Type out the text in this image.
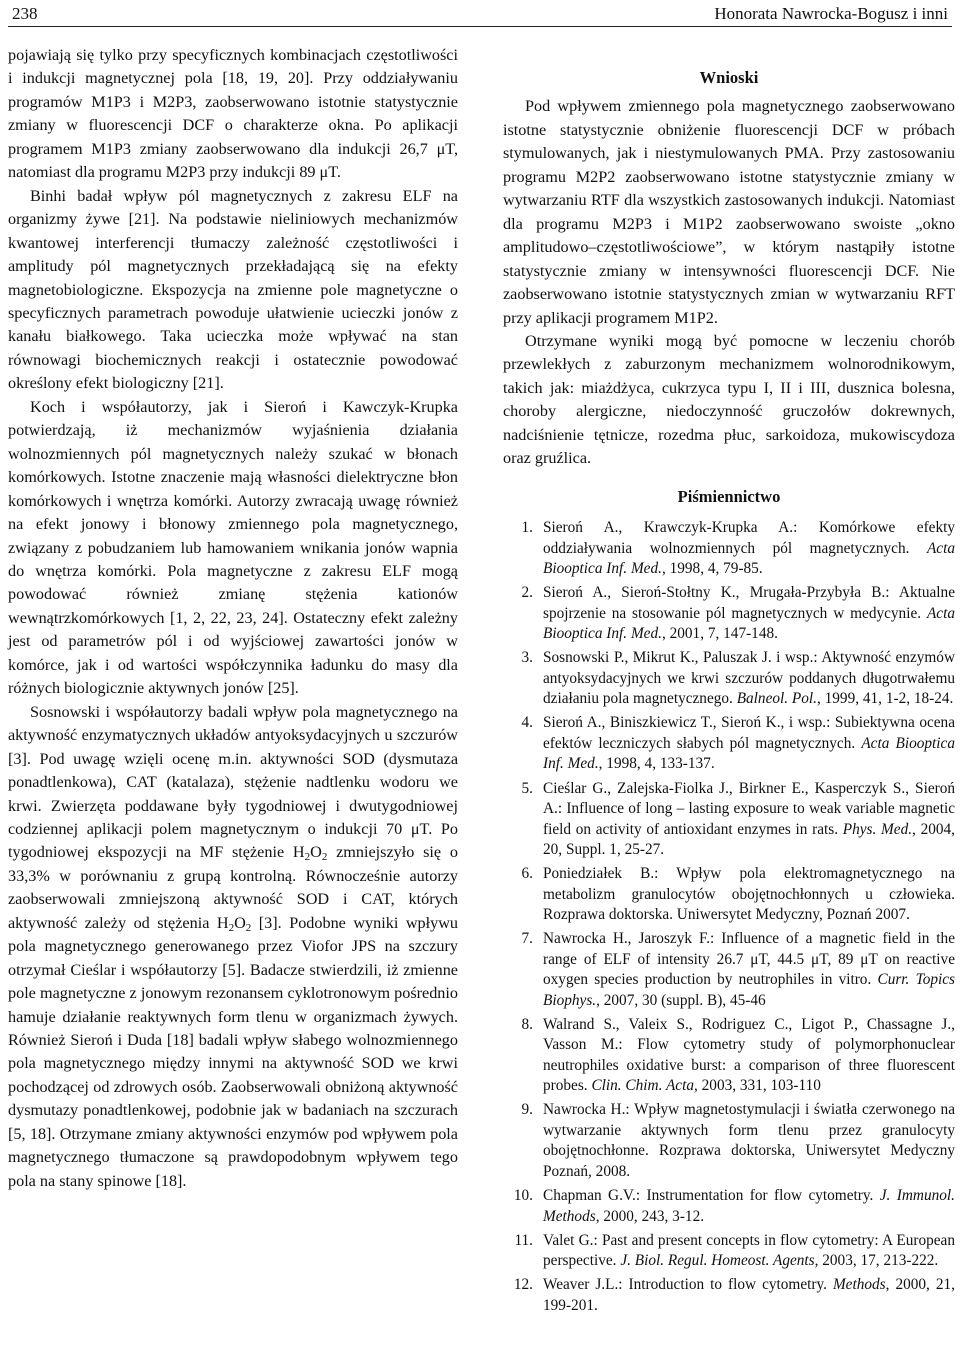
238	Honorata Nawrocka-Bogusz i inni

pojawiają się tylko przy specyficznych kombinacjach częstotliwości i indukcji magnetycznej pola [18, 19, 20]. Przy oddziaływaniu programów M1P3 i M2P3, zaobserwowano istotnie statystycznie zmiany w fluorescencji DCF o charakterze okna. Po aplikacji programem M1P3 zmiany zaobserwowano dla indukcji 26,7 μT, natomiast dla programu M2P3 przy indukcji 89 μT.

Binhi badał wpływ pól magnetycznych z zakresu ELF na organizmy żywe [21]. Na podstawie nieliniowych mechanizmów kwantowej interferencji tłumaczy zależność częstotliwości i amplitudy pól magnetycznych przekładającą się na efekty magnetobiologiczne. Ekspozycja na zmienne pole magnetyczne o specyficznych parametrach powoduje ułatwienie ucieczki jonów z kanału białkowego. Taka ucieczka może wpływać na stan równowagi biochemicznych reakcji i ostatecznie powodować określony efekt biologiczny [21].

Koch i współautorzy, jak i Sieroń i Kawczyk-Krupka potwierdzają, iż mechanizmów wyjaśnienia działania wolnozmiennych pól magnetycznych należy szukać w błonach komórkowych. Istotne znaczenie mają własności dielektryczne błon komórkowych i wnętrza komórki. Autorzy zwracają uwagę również na efekt jonowy i błonowy zmiennego pola magnetycznego, związany z pobudzaniem lub hamowaniem wnikania jonów wapnia do wnętrza komórki. Pola magnetyczne z zakresu ELF mogą powodować również zmianę stężenia kationów wewnątrzkomórkowych [1, 2, 22, 23, 24]. Ostateczny efekt zależny jest od parametrów pól i od wyjściowej zawartości jonów w komórce, jak i od wartości współczynnika ładunku do masy dla różnych biologicznie aktywnych jonów [25].

Sosnowski i współautorzy badali wpływ pola magnetycznego na aktywność enzymatycznych układów antyoksydacyjnych u szczurów [3]. Pod uwagę wzięli ocenę m.in. aktywności SOD (dysmutaza ponadtlenkowa), CAT (katalaza), stężenie nadtlenku wodoru we krwi. Zwierzęta poddawane były tygodniowej i dwutygodniowej codziennej aplikacji polem magnetycznym o indukcji 70 μT. Po tygodniowej ekspozycji na MF stężenie $H_2O_2$ zmniejszyło się o 33,3% w porównaniu z grupą kontrolną. Równocześnie autorzy zaobserwowali zmniejszoną aktywność SOD i CAT, których aktywność zależy od stężenia $H_2O_2$ [3]. Podobne wyniki wpływu pola magnetycznego generowanego przez Viofor JPS na szczury otrzymał Cieślar i współautorzy [5]. Badacze stwierdzili, iż zmienne pole magnetyczne z jonowym rezonansem cyklotronowym pośrednio hamuje działanie reaktywnych form tlenu w organizmach żywych. Również Sieroń i Duda [18] badali wpływ słabego wolnozmiennego pola magnetycznego między innymi na aktywność SOD we krwi pochodzącej od zdrowych osób. Zaobserwowali obniżoną aktywność dysmutazy ponadtlenkowej, podobnie jak w badaniach na szczurach [5, 18]. Otrzymane zmiany aktywności enzymów pod wpływem pola magnetycznego tłumaczone są prawdopodobnym wpływem tego pola na stany spinowe [18].

Wnioski

Pod wpływem zmiennego pola magnetycznego zaobserwowano istotne statystycznie obniżenie fluorescencji DCF w próbach stymulowanych, jak i niestymulowanych PMA. Przy zastosowaniu programu M2P2 zaobserwowano istotne statystycznie zmiany w wytwarzaniu RTF dla wszystkich zastosowanych indukcji. Natomiast dla programu M2P3 i M1P2 zaobserwowano swoiste „okno amplitudowo–częstotliwościowe”, w którym nastąpiły istotne statystycznie zmiany w intensywności fluorescencji DCF. Nie zaobserwowano istotnie statystycznych zmian w wytwarzaniu RFT przy aplikacji programem M1P2.

Otrzymane wyniki mogą być pomocne w leczeniu chorób przewlekłych z zaburzonym mechanizmem wolnorodnikowym, takich jak: miażdżyca, cukrzyca typu I, II i III, dusznica bolesna, choroby alergiczne, niedoczynność gruczołów dokrewnych, nadciśnienie tętnicze, rozedma płuc, sarkoidoza, mukowiscydoza oraz gruźlica.

Piśmiennictwo
1. Sieroń A., Krawczyk-Krupka A.: Komórkowe efekty oddziaływania wolnozmiennych pól magnetycznych. Acta Biooptica Inf. Med., 1998, 4, 79-85.
2. Sieroń A., Sieroń-Stołtny K., Mrugała-Przybyła B.: Aktualne spojrzenie na stosowanie pól magnetycznych w medycynie. Acta Biooptica Inf. Med., 2001, 7, 147-148.
3. Sosnowski P., Mikrut K., Paluszak J. i wsp.: Aktywność enzymów antyoksydacyjnych we krwi szczurów poddanych długotrwałemu działaniu pola magnetycznego. Balneol. Pol., 1999, 41, 1-2, 18-24.
4. Sieroń A., Biniszkiewicz T., Sieroń K., i wsp.: Subiektywna ocena efektów leczniczych słabych pól magnetycznych. Acta Biooptica Inf. Med., 1998, 4, 133-137.
5. Cieślar G., Zalejska-Fiolka J., Birkner E., Kasperczyk S., Sieroń A.: Influence of long – lasting exposure to weak variable magnetic field on activity of antioxidant enzymes in rats. Phys. Med., 2004, 20, Suppl. 1, 25-27.
6. Poniedziałek B.: Wpływ pola elektromagnetycznego na metabolizm granulocytów obojętnochłonnych u człowieka. Rozprawa doktorska. Uniwersytet Medyczny, Poznań 2007.
7. Nawrocka H., Jaroszyk F.: Influence of a magnetic field in the range of ELF of intensity 26.7 μT, 44.5 μT, 89 μT on reactive oxygen species production by neutrophiles in vitro. Curr. Topics Biophys., 2007, 30 (suppl. B), 45-46
8. Walrand S., Valeix S., Rodriguez C., Ligot P., Chassagne J., Vasson M.: Flow cytometry study of polymorphonuclear neutrophiles oxidative burst: a comparison of three fluorescent probes. Clin. Chim. Acta, 2003, 331, 103-110
9. Nawrocka H.: Wpływ magnetostymulacji i światła czerwonego na wytwarzanie aktywnych form tlenu przez granulocyty obojętnochłonne. Rozprawa doktorska, Uniwersytet Medyczny Poznań, 2008.
10. Chapman G.V.: Instrumentation for flow cytometry. J. Immunol. Methods, 2000, 243, 3-12.
11. Valet G.: Past and present concepts in flow cytometry: A European perspective. J. Biol. Regul. Homeost. Agents, 2003, 17, 213-222.
12. Weaver J.L.: Introduction to flow cytometry. Methods, 2000, 21, 199-201.
